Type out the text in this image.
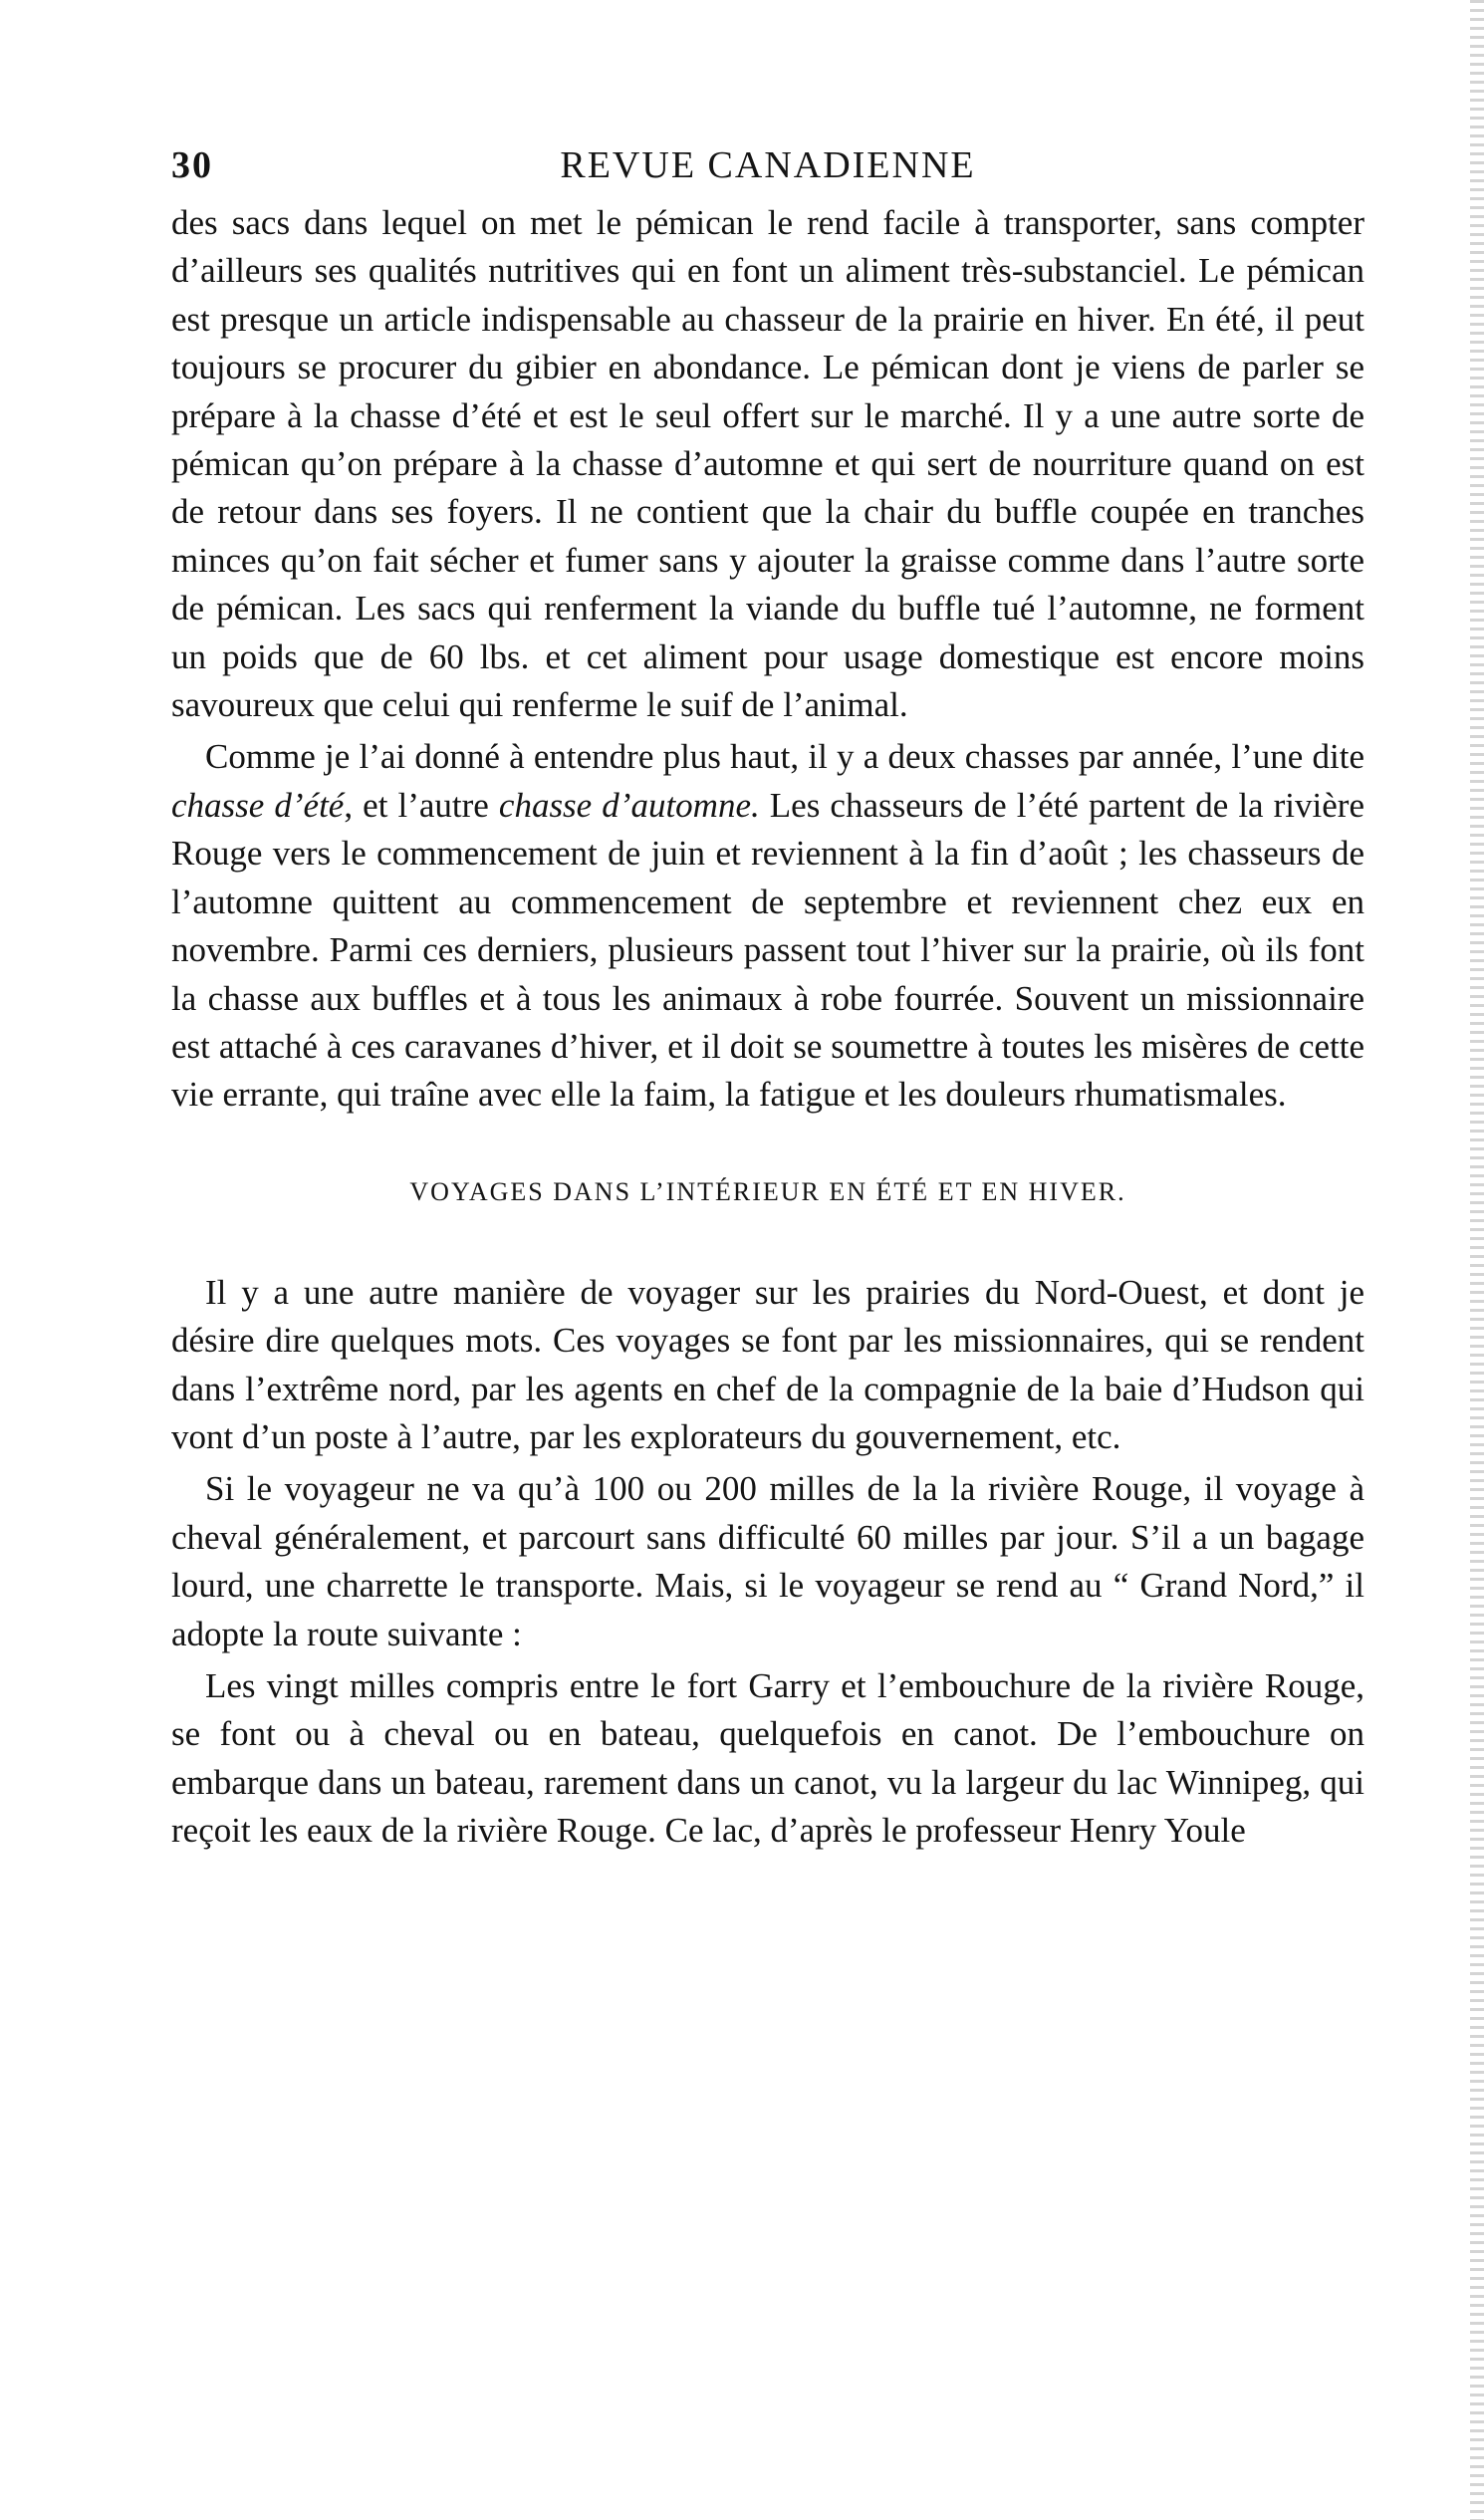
30	REVUE CANADIENNE

des sacs dans lequel on met le pémican le rend facile à transporter, sans compter d’ailleurs ses qualités nutritives qui en font un aliment très-substanciel. Le pémican est presque un article indispensable au chasseur de la prairie en hiver. En été, il peut toujours se procurer du gibier en abondance. Le pémican dont je viens de parler se prépare à la chasse d’été et est le seul offert sur le marché. Il y a une autre sorte de pémican qu’on prépare à la chasse d’automne et qui sert de nourriture quand on est de retour dans ses foyers. Il ne contient que la chair du buffle coupée en tranches minces qu’on fait sécher et fumer sans y ajouter la graisse comme dans l’autre sorte de pémican. Les sacs qui renferment la viande du buffle tué l’automne, ne forment un poids que de 60 lbs. et cet aliment pour usage domestique est encore moins savoureux que celui qui renferme le suif de l’animal.

Comme je l’ai donné à entendre plus haut, il y a deux chasses par année, l’une dite chasse d’été, et l’autre chasse d’automne. Les chasseurs de l’été partent de la rivière Rouge vers le commencement de juin et reviennent à la fin d’août ; les chasseurs de l’automne quittent au commencement de septembre et reviennent chez eux en novembre. Parmi ces derniers, plusieurs passent tout l’hiver sur la prairie, où ils font la chasse aux buffles et à tous les animaux à robe fourrée. Souvent un missionnaire est attaché à ces caravanes d’hiver, et il doit se soumettre à toutes les misères de cette vie errante, qui traîne avec elle la faim, la fatigue et les douleurs rhumatismales.

VOYAGES DANS L’INTÉRIEUR EN ÉTÉ ET EN HIVER.

Il y a une autre manière de voyager sur les prairies du Nord-Ouest, et dont je désire dire quelques mots. Ces voyages se font par les missionnaires, qui se rendent dans l’extrême nord, par les agents en chef de la compagnie de la baie d’Hudson qui vont d’un poste à l’autre, par les explorateurs du gouvernement, etc.

Si le voyageur ne va qu’à 100 ou 200 milles de la la rivière Rouge, il voyage à cheval généralement, et parcourt sans difficulté 60 milles par jour. S’il a un bagage lourd, une charrette le transporte. Mais, si le voyageur se rend au “ Grand Nord,” il adopte la route suivante :

Les vingt milles compris entre le fort Garry et l’embouchure de la rivière Rouge, se font ou à cheval ou en bateau, quelquefois en canot. De l’embouchure on embarque dans un bateau, rarement dans un canot, vu la largeur du lac Winnipeg, qui reçoit les eaux de la rivière Rouge. Ce lac, d’après le professeur Henry Youle
